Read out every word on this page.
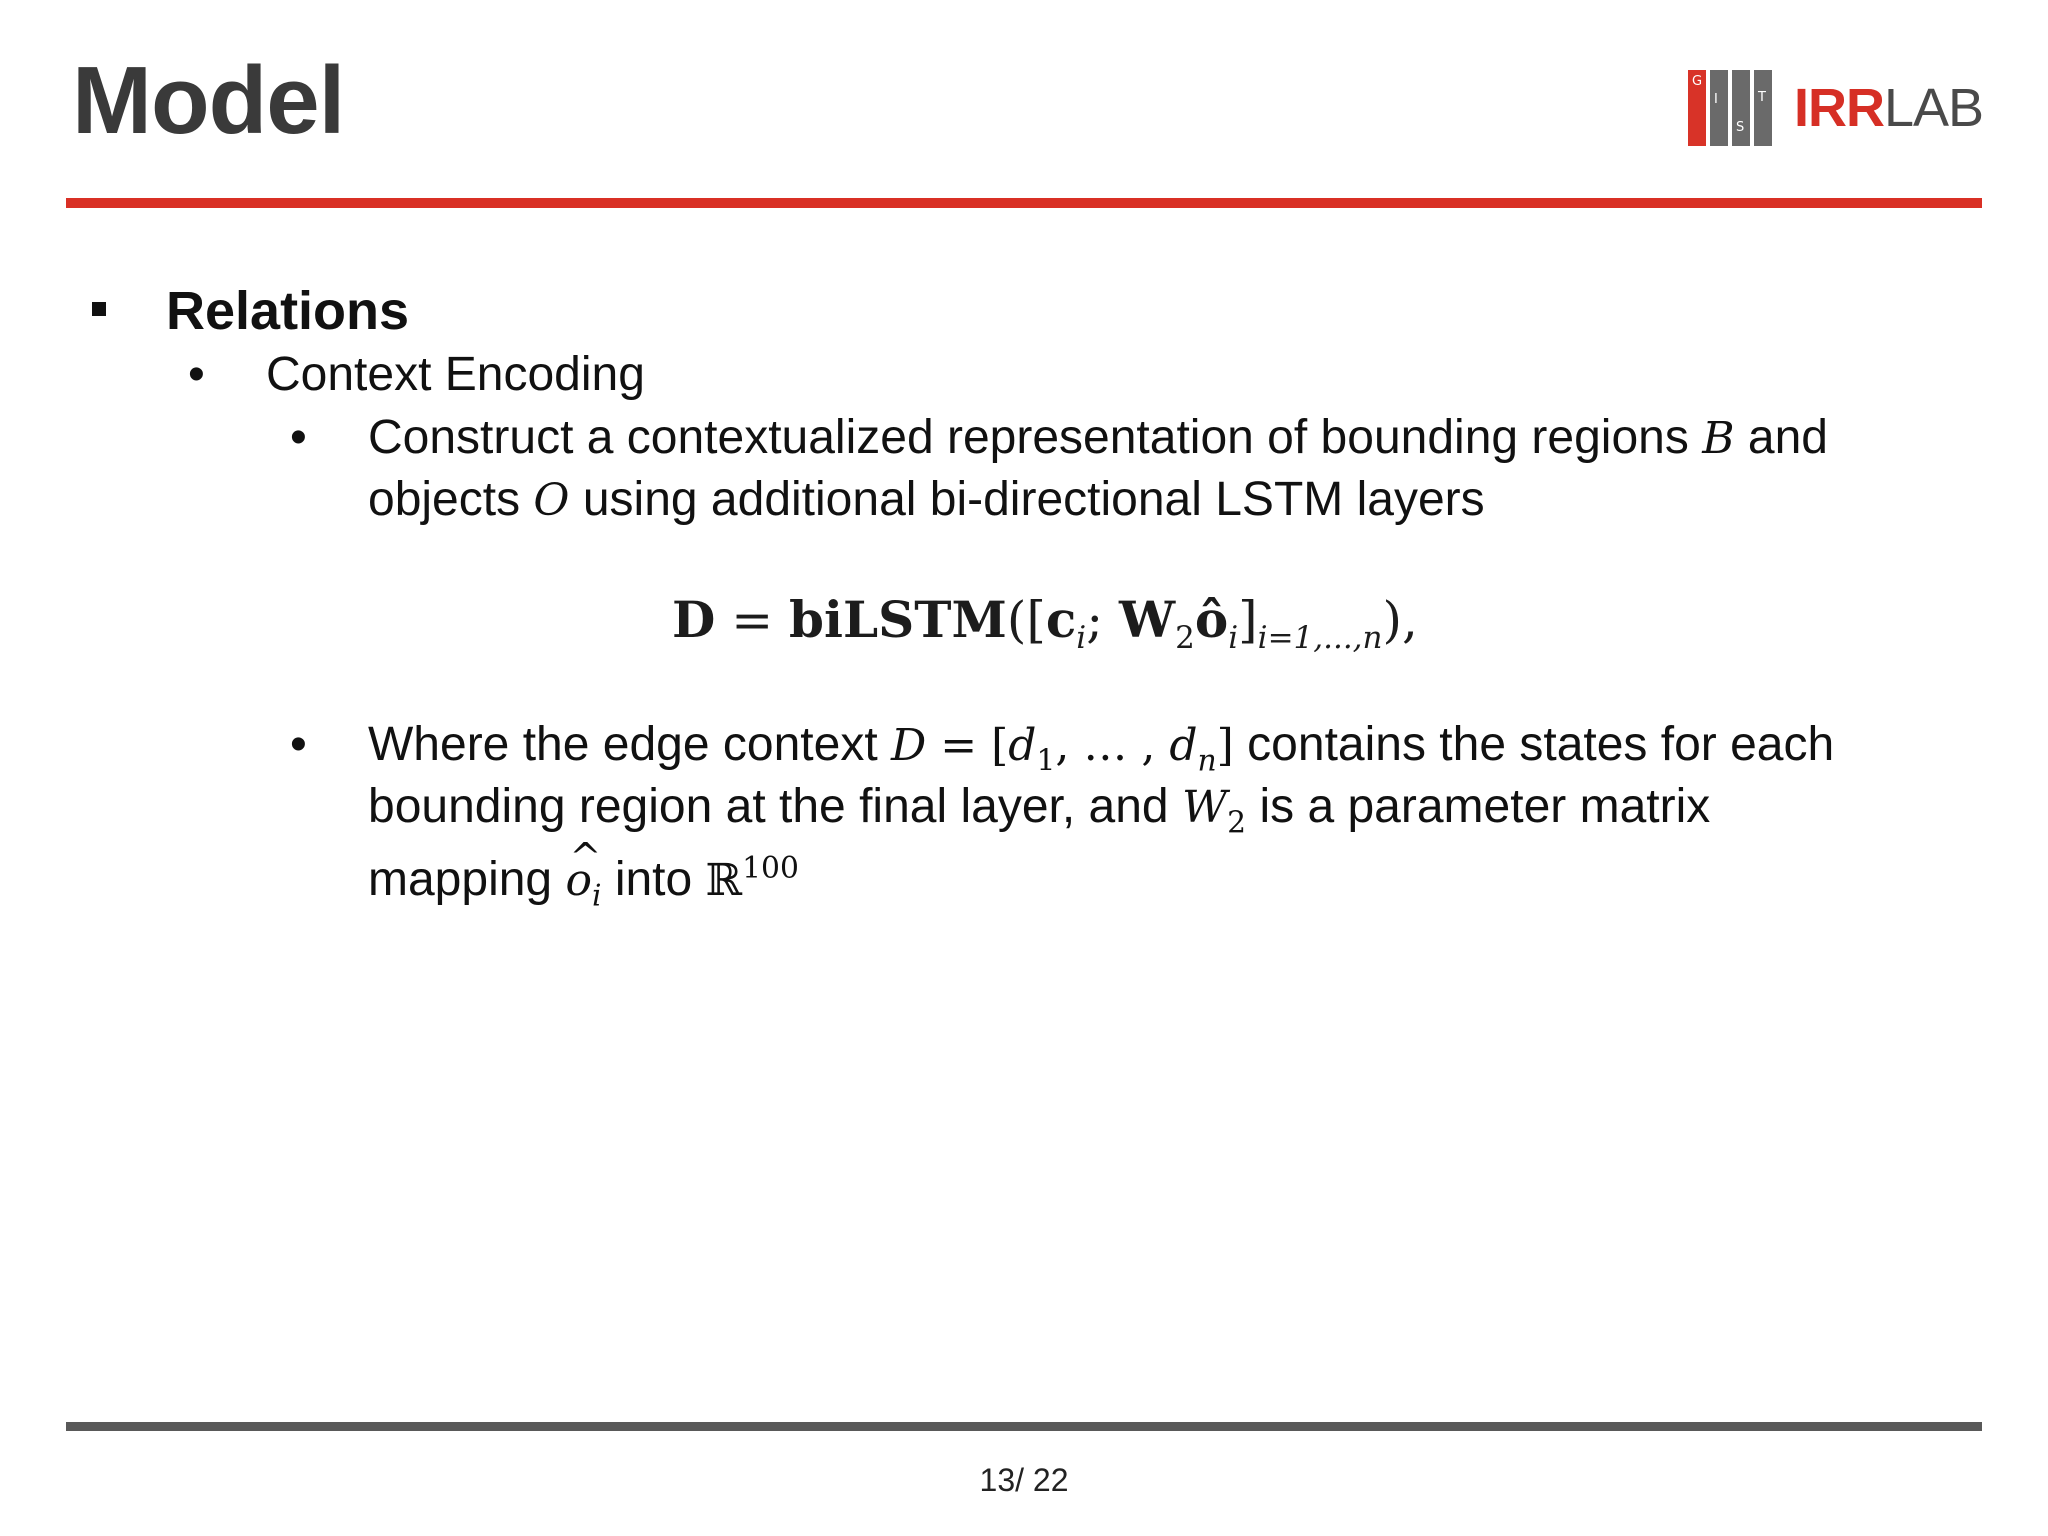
Model	G
I
S
T IRRLAB
Relations
• Context Encoding
• Construct a contextualized representation of bounding regions B and
objects O using additional bi-directional LSTM layers
$D = biLSTM([c_i$; $W_2ô_i]_{i=1,...,n}$),
• Where the edge context $D = [d_1$, … , $d_n$] contains the states for each
bounding region at the final layer, and $W_2$ is a parameter matrix
mapping ^ $o_i$ into ℝ$^{100}$
13/ 22
